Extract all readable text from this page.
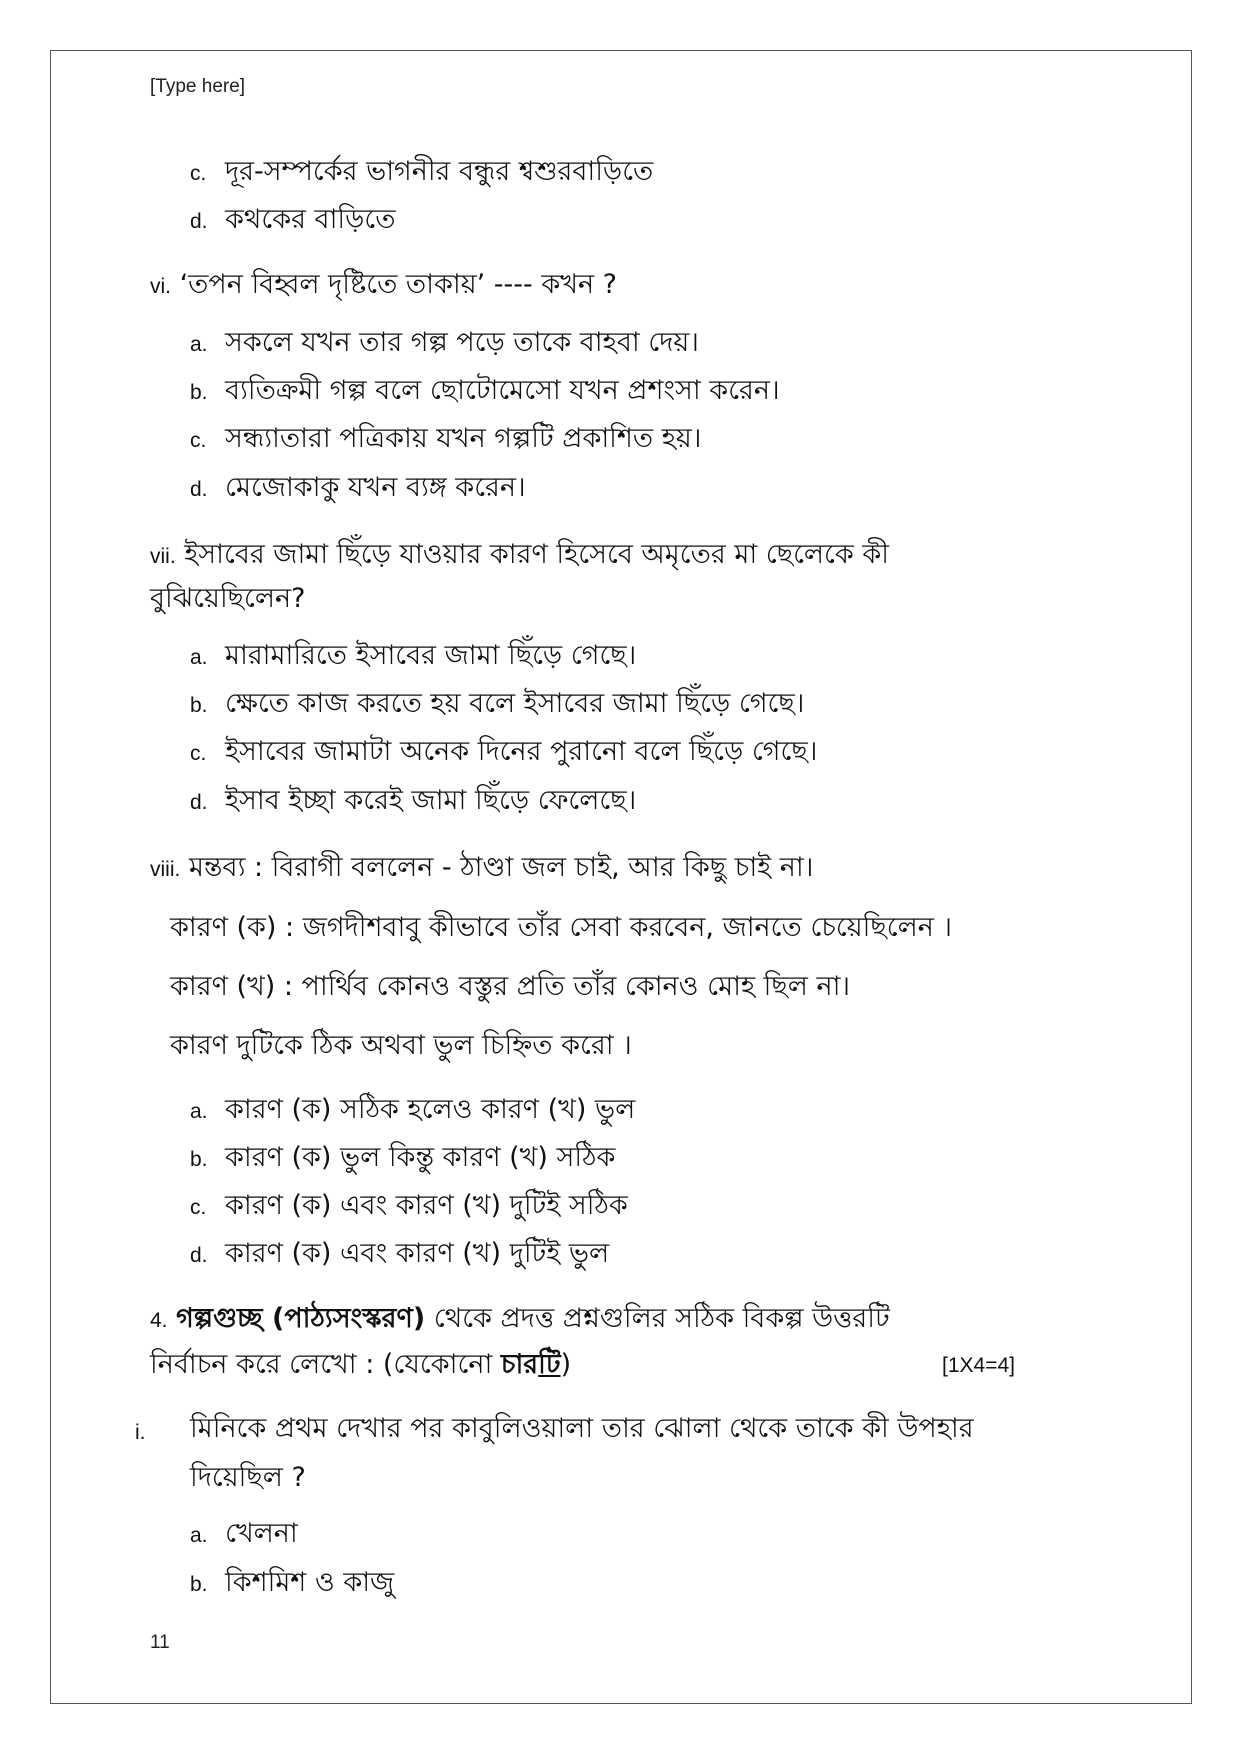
[Type here]
c. দূর-সম্পর্কের ভাগনীর বন্ধুর শ্বশুরবাড়িতে
d. কথকের বাড়িতে
vi. ‘তপন বিহ্বল দৃষ্টিতে তাকায়’ ---- কখন ?
a. সকলে যখন তার গল্প পড়ে তাকে বাহবা দেয়।
b. ব্যতিক্রমী গল্প বলে ছোটোমেসো যখন প্রশংসা করেন।
c. সন্ধ্যাতারা পত্রিকায় যখন গল্পটি প্রকাশিত হয়।
d. মেজোকাকু যখন ব্যঙ্গ করেন।
vii. ইসাবের জামা ছিঁড়ে যাওয়ার কারণ হিসেবে অমৃতের মা ছেলেকে কী
বুঝিয়েছিলেন?
a. মারামারিতে ইসাবের জামা ছিঁড়ে গেছে।
b. ক্ষেতে কাজ করতে হয় বলে ইসাবের জামা ছিঁড়ে গেছে।
c. ইসাবের জামাটা অনেক দিনের পুরানো বলে ছিঁড়ে গেছে।
d. ইসাব ইচ্ছা করেই জামা ছিঁড়ে ফেলেছে।
viii. মন্তব্য : বিরাগী বললেন - ঠাণ্ডা জল চাই, আর কিছু চাই না।
কারণ (ক) : জগদীশবাবু কীভাবে তাঁর সেবা করবেন, জানতে চেয়েছিলেন ।
কারণ (খ) : পার্থিব কোনও বস্তুর প্রতি তাঁর কোনও মোহ ছিল না।
কারণ দুটিকে ঠিক অথবা ভুল চিহ্নিত করো ।
a. কারণ (ক) সঠিক হলেও কারণ (খ) ভুল
b. কারণ (ক) ভুল কিন্তু কারণ (খ) সঠিক
c. কারণ (ক) এবং কারণ (খ) দুটিই সঠিক
d. কারণ (ক) এবং কারণ (খ) দুটিই ভুল
4. গল্পগুচ্ছ (পাঠ্যসংস্করণ) থেকে প্রদত্ত প্রশ্নগুলির সঠিক বিকল্প উত্তরটি
নির্বাচন করে লেখো : (যেকোনো চারটি)	[1X4=4]
i. মিনিকে প্রথম দেখার পর কাবুলিওয়ালা তার ঝোলা থেকে তাকে কী উপহার
দিয়েছিল ?
a. খেলনা
b. কিশমিশ ও কাজু
11
